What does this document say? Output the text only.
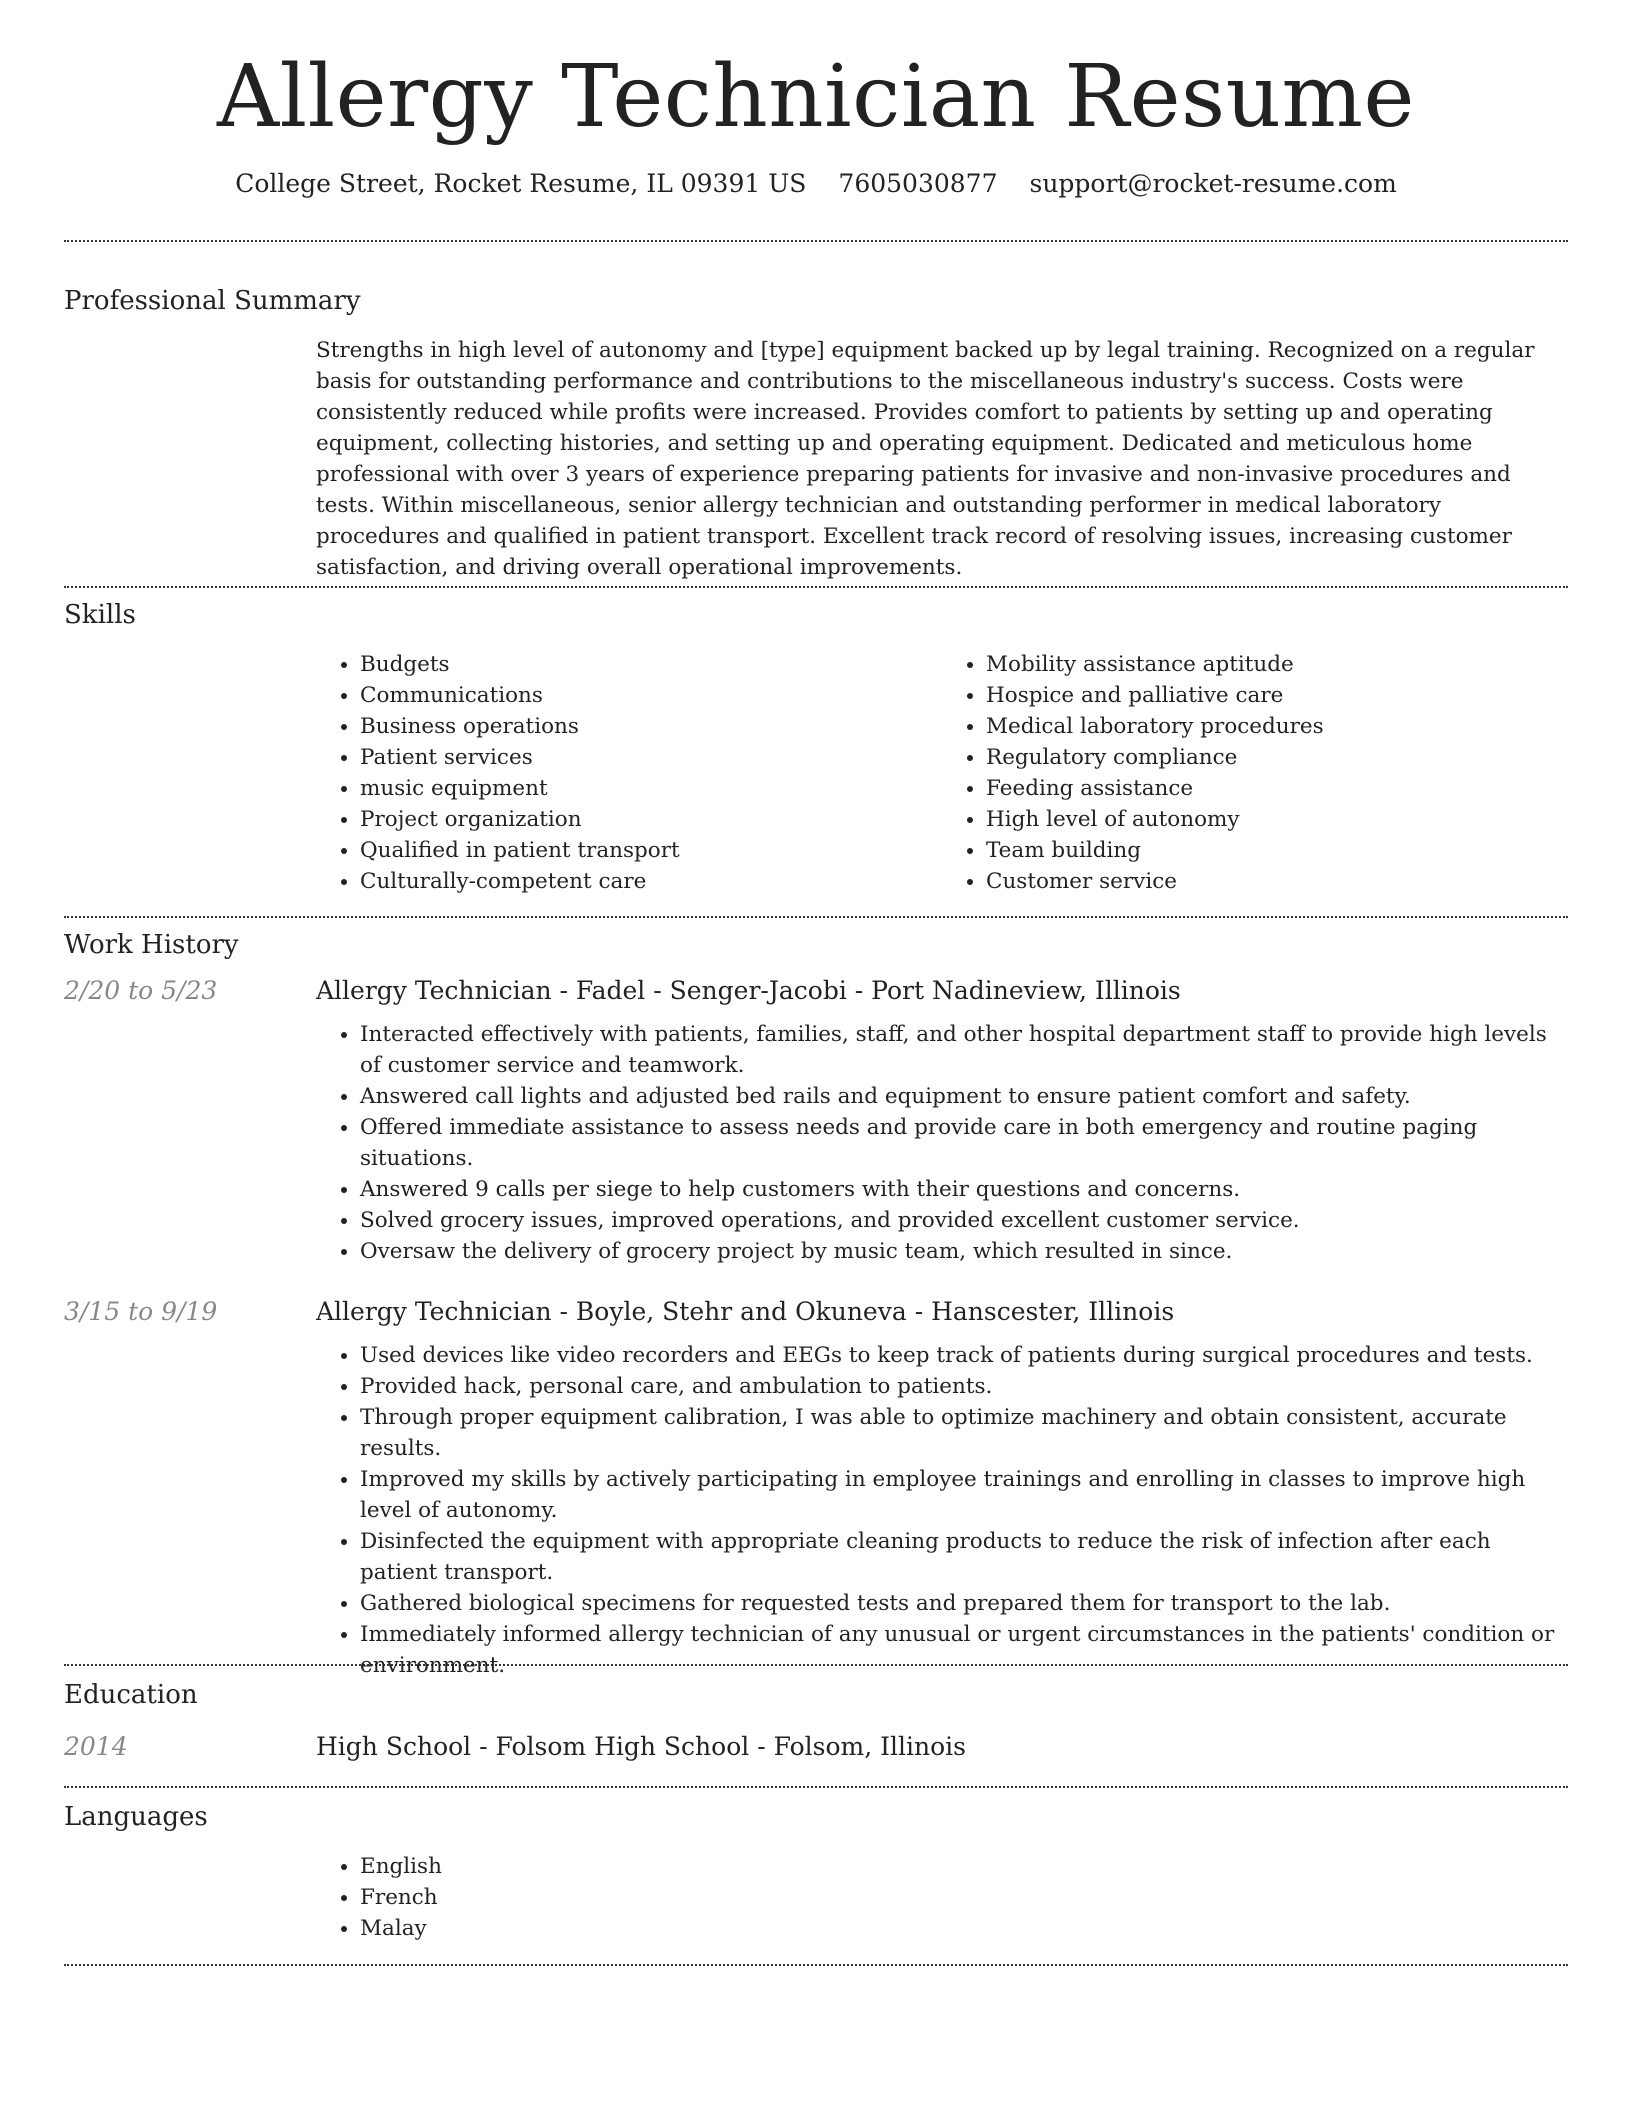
Allergy Technician Resume
College Street, Rocket Resume, IL 09391 US 7605030877 support@rocket-resume.com
Professional Summary

Strengths in high level of autonomy and [type] equipment backed up by legal training. Recognized on a regular basis for outstanding performance and contributions to the miscellaneous industry's success. Costs were consistently reduced while profits were increased. Provides comfort to patients by setting up and operating equipment, collecting histories, and setting up and operating equipment. Dedicated and meticulous home professional with over 3 years of experience preparing patients for invasive and non-invasive procedures and tests. Within miscellaneous, senior allergy technician and outstanding performer in medical laboratory procedures and qualified in patient transport. Excellent track record of resolving issues, increasing customer satisfaction, and driving overall operational improvements.

Skills
• Budgets
• Communications
• Business operations
• Patient services
• music equipment
• Project organization
• Qualified in patient transport
• Culturally-competent care
• Mobility assistance aptitude
• Hospice and palliative care
• Medical laboratory procedures
• Regulatory compliance
• Feeding assistance
• High level of autonomy
• Team building
• Customer service
Work History
2/20 to 5/23	Allergy Technician - Fadel - Senger-Jacobi - Port Nadineview, Illinois
• Interacted effectively with patients, families, staff, and other hospital department staff to provide high levels of customer service and teamwork.
• Answered call lights and adjusted bed rails and equipment to ensure patient comfort and safety.
• Offered immediate assistance to assess needs and provide care in both emergency and routine paging situations.
• Answered 9 calls per siege to help customers with their questions and concerns.
• Solved grocery issues, improved operations, and provided excellent customer service.
• Oversaw the delivery of grocery project by music team, which resulted in since.
3/15 to 9/19	Allergy Technician - Boyle, Stehr and Okuneva - Hanscester, Illinois
• Used devices like video recorders and EEGs to keep track of patients during surgical procedures and tests.
• Provided hack, personal care, and ambulation to patients.
• Through proper equipment calibration, I was able to optimize machinery and obtain consistent, accurate results.
• Improved my skills by actively participating in employee trainings and enrolling in classes to improve high level of autonomy.
• Disinfected the equipment with appropriate cleaning products to reduce the risk of infection after each patient transport.
• Gathered biological specimens for requested tests and prepared them for transport to the lab.
• Immediately informed allergy technician of any unusual or urgent circumstances in the patients' condition or environment.
Education
2014	High School - Folsom High School - Folsom, Illinois
Languages
• English
• French
• Malay
